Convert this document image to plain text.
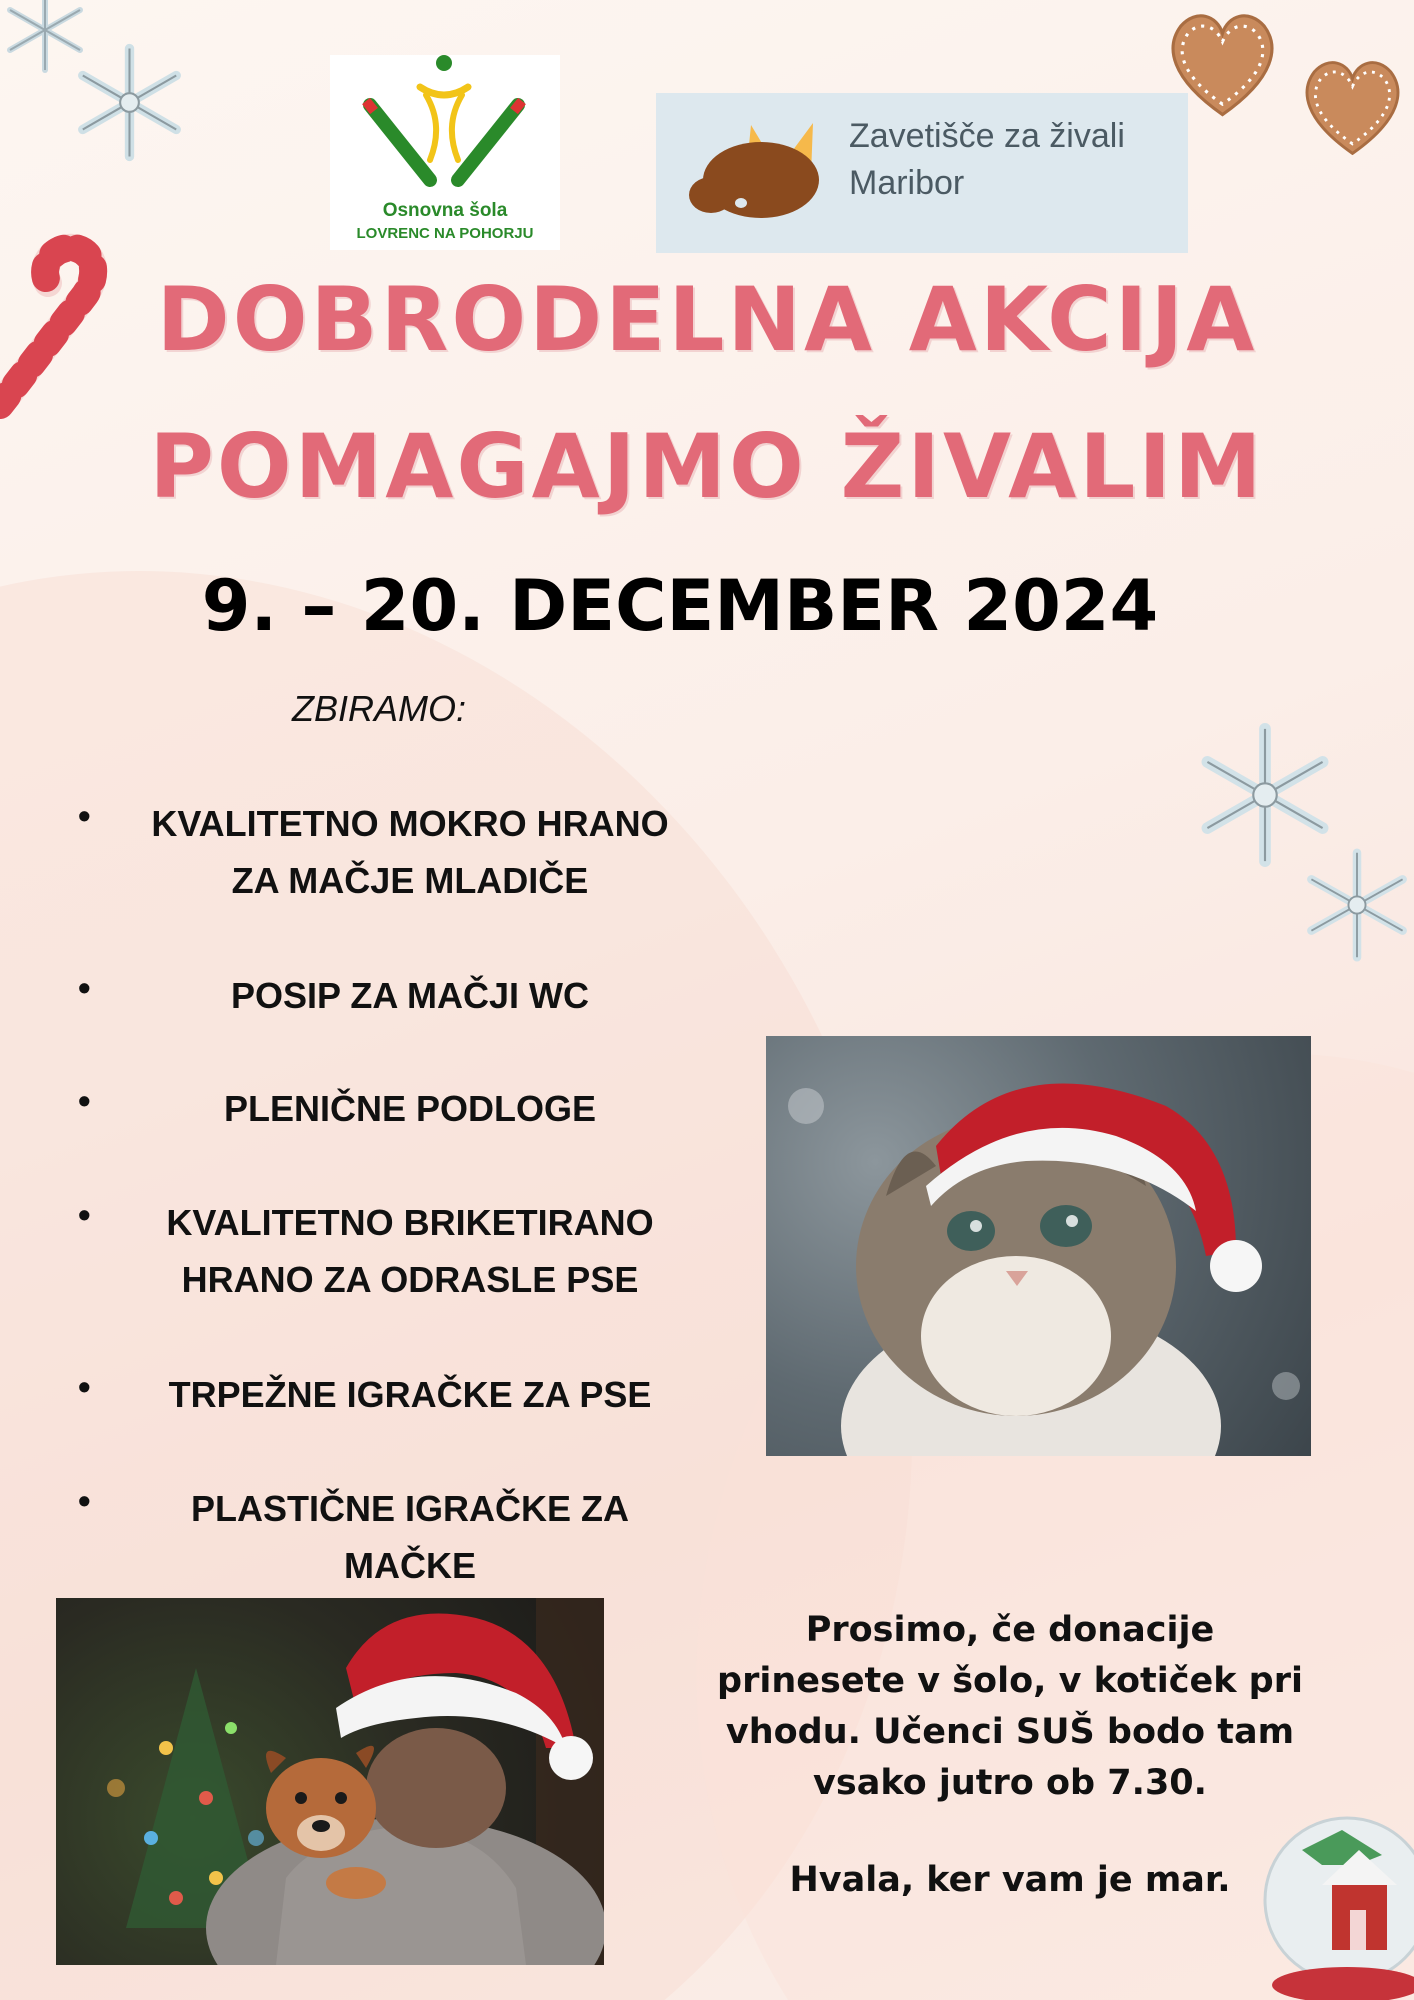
Osnovna šola
LOVRENC NA POHORJU
Zavetišče za živali
Maribor
DOBRODELNA AKCIJA
POMAGAJMO ŽIVALIM
9. – 20. DECEMBER 2024
ZBIRAMO:
•	KVALITETNO MOKRO HRANO
ZA MAČJE MLADIČE
•	POSIP ZA MAČJI WC
•	PLENIČNE PODLOGE
•	KVALITETNO BRIKETIRANO
HRANO ZA ODRASLE PSE
•	TRPEŽNE IGRAČKE ZA PSE
•	PLASTIČNE IGRAČKE ZA
MAČKE
Prosimo, če donacije
prinesete v šolo, v kotiček pri
vhodu. Učenci SUŠ bodo tam
vsako jutro ob 7.30.
Hvala, ker vam je mar.
